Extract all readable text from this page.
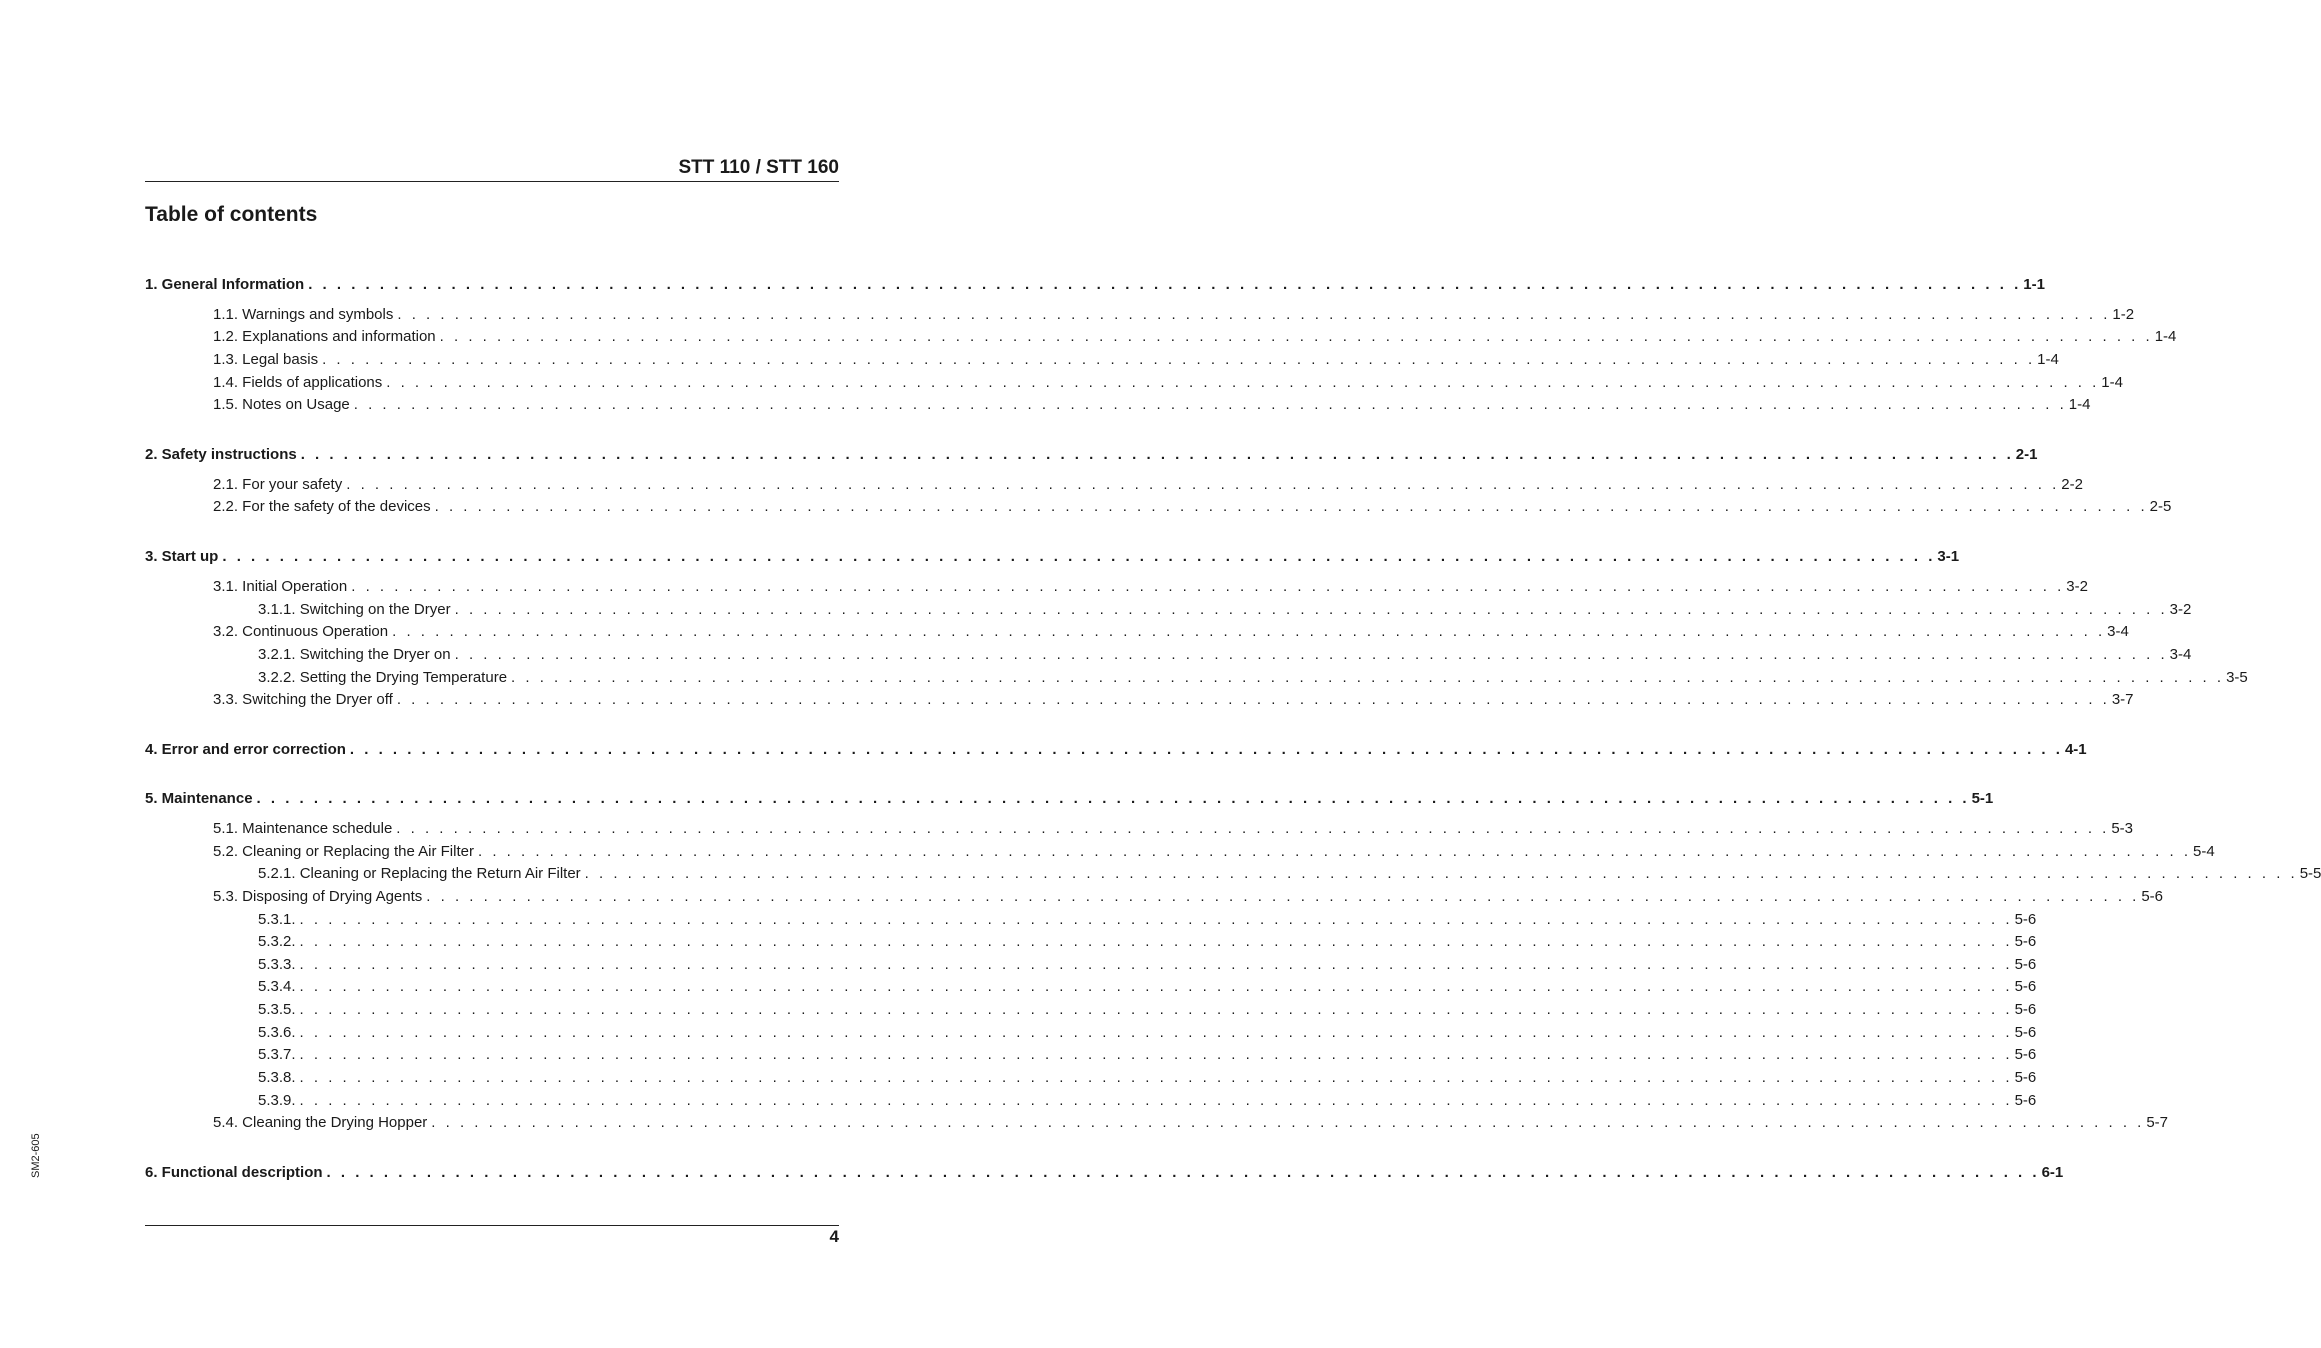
STT 110 / STT 160
Table of contents
1. General Information . . . . . . . . . . . . . . . . . . . . . . . . . . . . . . . . . . . . . . . . . . . . . . . . . . . . . . . . . . . . . . . . . . . . . . . . . . . . . . . . . . . . . . . . . . . . . . . . . . . . . . . . . . . . . . . . . . . . . . . . 1-1
1.1. Warnings and symbols . . . . . . . . . . . . . . . . . . . . . . . . . . . . . . . . . . . . . . . . . . . . . . . . . . . . . . . . . . . . . . . . . . . . . . . . . . . . . . . . . . . . . . . . . . . . . . . . . . . . . . . . . . . . . . . . . . . . . . . . 1-2
1.2. Explanations and information . . . . . . . . . . . . . . . . . . . . . . . . . . . . . . . . . . . . . . . . . . . . . . . . . . . . . . . . . . . . . . . . . . . . . . . . . . . . . . . . . . . . . . . . . . . . . . . . . . . . . . . . . . . . . . . . . . . . . . . . 1-4
1.3. Legal basis . . . . . . . . . . . . . . . . . . . . . . . . . . . . . . . . . . . . . . . . . . . . . . . . . . . . . . . . . . . . . . . . . . . . . . . . . . . . . . . . . . . . . . . . . . . . . . . . . . . . . . . . . . . . . . . . . . . . . . . . 1-4
1.4. Fields of applications . . . . . . . . . . . . . . . . . . . . . . . . . . . . . . . . . . . . . . . . . . . . . . . . . . . . . . . . . . . . . . . . . . . . . . . . . . . . . . . . . . . . . . . . . . . . . . . . . . . . . . . . . . . . . . . . . . . . . . . . 1-4
1.5. Notes on Usage . . . . . . . . . . . . . . . . . . . . . . . . . . . . . . . . . . . . . . . . . . . . . . . . . . . . . . . . . . . . . . . . . . . . . . . . . . . . . . . . . . . . . . . . . . . . . . . . . . . . . . . . . . . . . . . . . . . . . . . . 1-4
2. Safety instructions . . . . . . . . . . . . . . . . . . . . . . . . . . . . . . . . . . . . . . . . . . . . . . . . . . . . . . . . . . . . . . . . . . . . . . . . . . . . . . . . . . . . . . . . . . . . . . . . . . . . . . . . . . . . . . . . . . . . . . . . 2-1
2.1. For your safety . . . . . . . . . . . . . . . . . . . . . . . . . . . . . . . . . . . . . . . . . . . . . . . . . . . . . . . . . . . . . . . . . . . . . . . . . . . . . . . . . . . . . . . . . . . . . . . . . . . . . . . . . . . . . . . . . . . . . . . . 2-2
2.2. For the safety of the devices . . . . . . . . . . . . . . . . . . . . . . . . . . . . . . . . . . . . . . . . . . . . . . . . . . . . . . . . . . . . . . . . . . . . . . . . . . . . . . . . . . . . . . . . . . . . . . . . . . . . . . . . . . . . . . . . . . . . . . . . 2-5
3. Start up . . . . . . . . . . . . . . . . . . . . . . . . . . . . . . . . . . . . . . . . . . . . . . . . . . . . . . . . . . . . . . . . . . . . . . . . . . . . . . . . . . . . . . . . . . . . . . . . . . . . . . . . . . . . . . . . . . . . . . . . 3-1
3.1. Initial Operation . . . . . . . . . . . . . . . . . . . . . . . . . . . . . . . . . . . . . . . . . . . . . . . . . . . . . . . . . . . . . . . . . . . . . . . . . . . . . . . . . . . . . . . . . . . . . . . . . . . . . . . . . . . . . . . . . . . . . . . . 3-2
3.1.1. Switching on the Dryer . . . . . . . . . . . . . . . . . . . . . . . . . . . . . . . . . . . . . . . . . . . . . . . . . . . . . . . . . . . . . . . . . . . . . . . . . . . . . . . . . . . . . . . . . . . . . . . . . . . . . . . . . . . . . . . . . . . . . . . . 3-2
3.2. Continuous Operation . . . . . . . . . . . . . . . . . . . . . . . . . . . . . . . . . . . . . . . . . . . . . . . . . . . . . . . . . . . . . . . . . . . . . . . . . . . . . . . . . . . . . . . . . . . . . . . . . . . . . . . . . . . . . . . . . . . . . . . . 3-4
3.2.1. Switching the Dryer on . . . . . . . . . . . . . . . . . . . . . . . . . . . . . . . . . . . . . . . . . . . . . . . . . . . . . . . . . . . . . . . . . . . . . . . . . . . . . . . . . . . . . . . . . . . . . . . . . . . . . . . . . . . . . . . . . . . . . . . . 3-4
3.2.2. Setting the Drying Temperature . . . . . . . . . . . . . . . . . . . . . . . . . . . . . . . . . . . . . . . . . . . . . . . . . . . . . . . . . . . . . . . . . . . . . . . . . . . . . . . . . . . . . . . . . . . . . . . . . . . . . . . . . . . . . . . . . . . . . . . . 3-5
3.3. Switching the Dryer off . . . . . . . . . . . . . . . . . . . . . . . . . . . . . . . . . . . . . . . . . . . . . . . . . . . . . . . . . . . . . . . . . . . . . . . . . . . . . . . . . . . . . . . . . . . . . . . . . . . . . . . . . . . . . . . . . . . . . . . . 3-7
4. Error and error correction . . . . . . . . . . . . . . . . . . . . . . . . . . . . . . . . . . . . . . . . . . . . . . . . . . . . . . . . . . . . . . . . . . . . . . . . . . . . . . . . . . . . . . . . . . . . . . . . . . . . . . . . . . . . . . . . . . . . . . . . 4-1
5. Maintenance . . . . . . . . . . . . . . . . . . . . . . . . . . . . . . . . . . . . . . . . . . . . . . . . . . . . . . . . . . . . . . . . . . . . . . . . . . . . . . . . . . . . . . . . . . . . . . . . . . . . . . . . . . . . . . . . . . . . . . . . 5-1
5.1. Maintenance schedule . . . . . . . . . . . . . . . . . . . . . . . . . . . . . . . . . . . . . . . . . . . . . . . . . . . . . . . . . . . . . . . . . . . . . . . . . . . . . . . . . . . . . . . . . . . . . . . . . . . . . . . . . . . . . . . . . . . . . . . . 5-3
5.2. Cleaning or Replacing the Air Filter . . . . . . . . . . . . . . . . . . . . . . . . . . . . . . . . . . . . . . . . . . . . . . . . . . . . . . . . . . . . . . . . . . . . . . . . . . . . . . . . . . . . . . . . . . . . . . . . . . . . . . . . . . . . . . . . . . . . . . . . 5-4
5.2.1. Cleaning or Replacing the Return Air Filter . . . . . . . . . . . . . . . . . . . . . . . . . . . . . . . . . . . . . . . . . . . . . . . . . . . . . . . . . . . . . . . . . . . . . . . . . . . . . . . . . . . . . . . . . . . . . . . . . . . . . . . . . . . . . . . . . . . . . . . . 5-5
5.3. Disposing of Drying Agents . . . . . . . . . . . . . . . . . . . . . . . . . . . . . . . . . . . . . . . . . . . . . . . . . . . . . . . . . . . . . . . . . . . . . . . . . . . . . . . . . . . . . . . . . . . . . . . . . . . . . . . . . . . . . . . . . . . . . . . . 5-6
5.3.1. . . . . . . . . . . . . . . . . . . . . . . . . . . . . . . . . . . . . . . . . . . . . . . . . . . . . . . . . . . . . . . . . . . . . . . . . . . . . . . . . . . . . . . . . . . . . . . . . . . . . . . . . . . . . . . . . . . . . . . . . 5-6
5.3.2. . . . . . . . . . . . . . . . . . . . . . . . . . . . . . . . . . . . . . . . . . . . . . . . . . . . . . . . . . . . . . . . . . . . . . . . . . . . . . . . . . . . . . . . . . . . . . . . . . . . . . . . . . . . . . . . . . . . . . . . . 5-6
5.3.3. . . . . . . . . . . . . . . . . . . . . . . . . . . . . . . . . . . . . . . . . . . . . . . . . . . . . . . . . . . . . . . . . . . . . . . . . . . . . . . . . . . . . . . . . . . . . . . . . . . . . . . . . . . . . . . . . . . . . . . . . 5-6
5.3.4. . . . . . . . . . . . . . . . . . . . . . . . . . . . . . . . . . . . . . . . . . . . . . . . . . . . . . . . . . . . . . . . . . . . . . . . . . . . . . . . . . . . . . . . . . . . . . . . . . . . . . . . . . . . . . . . . . . . . . . . . 5-6
5.3.5. . . . . . . . . . . . . . . . . . . . . . . . . . . . . . . . . . . . . . . . . . . . . . . . . . . . . . . . . . . . . . . . . . . . . . . . . . . . . . . . . . . . . . . . . . . . . . . . . . . . . . . . . . . . . . . . . . . . . . . . . 5-6
5.3.6. . . . . . . . . . . . . . . . . . . . . . . . . . . . . . . . . . . . . . . . . . . . . . . . . . . . . . . . . . . . . . . . . . . . . . . . . . . . . . . . . . . . . . . . . . . . . . . . . . . . . . . . . . . . . . . . . . . . . . . . . 5-6
5.3.7. . . . . . . . . . . . . . . . . . . . . . . . . . . . . . . . . . . . . . . . . . . . . . . . . . . . . . . . . . . . . . . . . . . . . . . . . . . . . . . . . . . . . . . . . . . . . . . . . . . . . . . . . . . . . . . . . . . . . . . . . 5-6
5.3.8. . . . . . . . . . . . . . . . . . . . . . . . . . . . . . . . . . . . . . . . . . . . . . . . . . . . . . . . . . . . . . . . . . . . . . . . . . . . . . . . . . . . . . . . . . . . . . . . . . . . . . . . . . . . . . . . . . . . . . . . . 5-6
5.3.9. . . . . . . . . . . . . . . . . . . . . . . . . . . . . . . . . . . . . . . . . . . . . . . . . . . . . . . . . . . . . . . . . . . . . . . . . . . . . . . . . . . . . . . . . . . . . . . . . . . . . . . . . . . . . . . . . . . . . . . . . 5-6
5.4. Cleaning the Drying Hopper . . . . . . . . . . . . . . . . . . . . . . . . . . . . . . . . . . . . . . . . . . . . . . . . . . . . . . . . . . . . . . . . . . . . . . . . . . . . . . . . . . . . . . . . . . . . . . . . . . . . . . . . . . . . . . . . . . . . . . . . 5-7
6. Functional description . . . . . . . . . . . . . . . . . . . . . . . . . . . . . . . . . . . . . . . . . . . . . . . . . . . . . . . . . . . . . . . . . . . . . . . . . . . . . . . . . . . . . . . . . . . . . . . . . . . . . . . . . . . . . . . . . . . . . . . . 6-1
SM2-605
4
